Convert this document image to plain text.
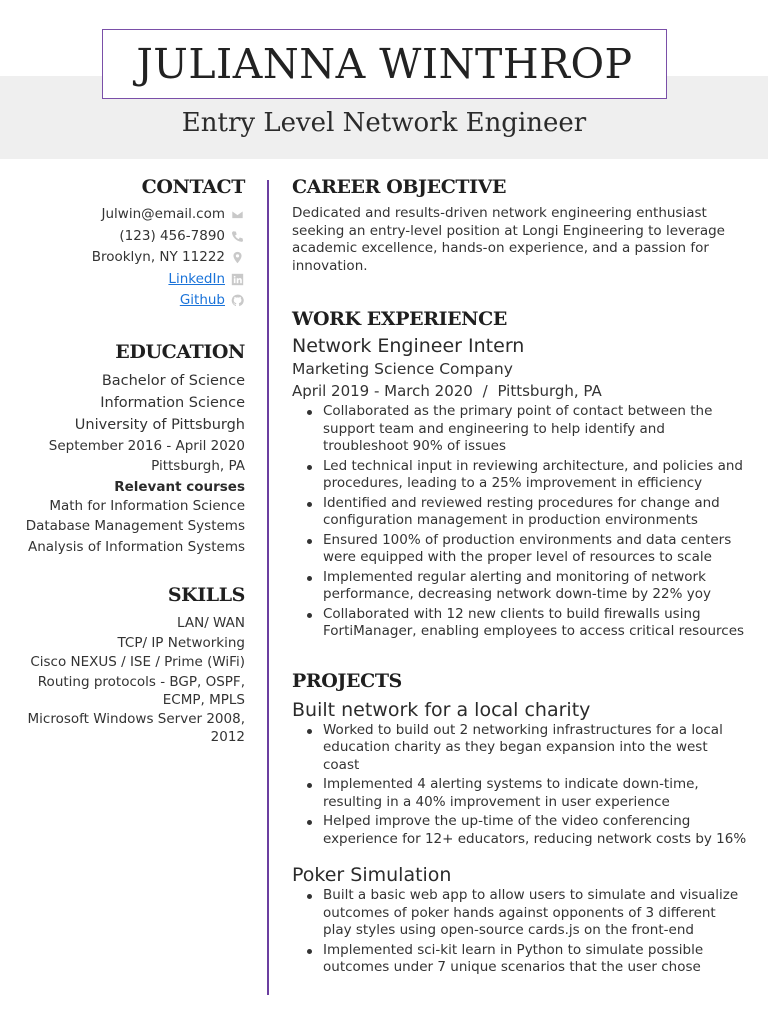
JULIANNA WINTHROP
Entry Level Network Engineer
CONTACT
Julwin@email.com
(123) 456-7890
Brooklyn, NY 11222
LinkedIn
Github
EDUCATION
Bachelor of Science
Information Science
University of Pittsburgh
September 2016 - April 2020
Pittsburgh, PA
Relevant courses
Math for Information Science
Database Management Systems
Analysis of Information Systems
SKILLS
LAN/ WAN
TCP/ IP Networking
Cisco NEXUS / ISE / Prime (WiFi)
Routing protocols - BGP, OSPF, ECMP, MPLS
Microsoft Windows Server 2008, 2012
CAREER OBJECTIVE
Dedicated and results-driven network engineering enthusiast seeking an entry-level position at Longi Engineering to leverage academic excellence, hands-on experience, and a passion for innovation.
WORK EXPERIENCE
Network Engineer Intern
Marketing Science Company
April 2019 - March 2020 / Pittsburgh, PA
Collaborated as the primary point of contact between the support team and engineering to help identify and troubleshoot 90% of issues
Led technical input in reviewing architecture, and policies and procedures, leading to a 25% improvement in efficiency
Identified and reviewed resting procedures for change and configuration management in production environments
Ensured 100% of production environments and data centers were equipped with the proper level of resources to scale
Implemented regular alerting and monitoring of network performance, decreasing network down-time by 22% yoy
Collaborated with 12 new clients to build firewalls using FortiManager, enabling employees to access critical resources
PROJECTS
Built network for a local charity
Worked to build out 2 networking infrastructures for a local education charity as they began expansion into the west coast
Implemented 4 alerting systems to indicate down-time, resulting in a 40% improvement in user experience
Helped improve the up-time of the video conferencing experience for 12+ educators, reducing network costs by 16%
Poker Simulation
Built a basic web app to allow users to simulate and visualize outcomes of poker hands against opponents of 3 different play styles using open-source cards.js on the front-end
Implemented sci-kit learn in Python to simulate possible outcomes under 7 unique scenarios that the user chose
